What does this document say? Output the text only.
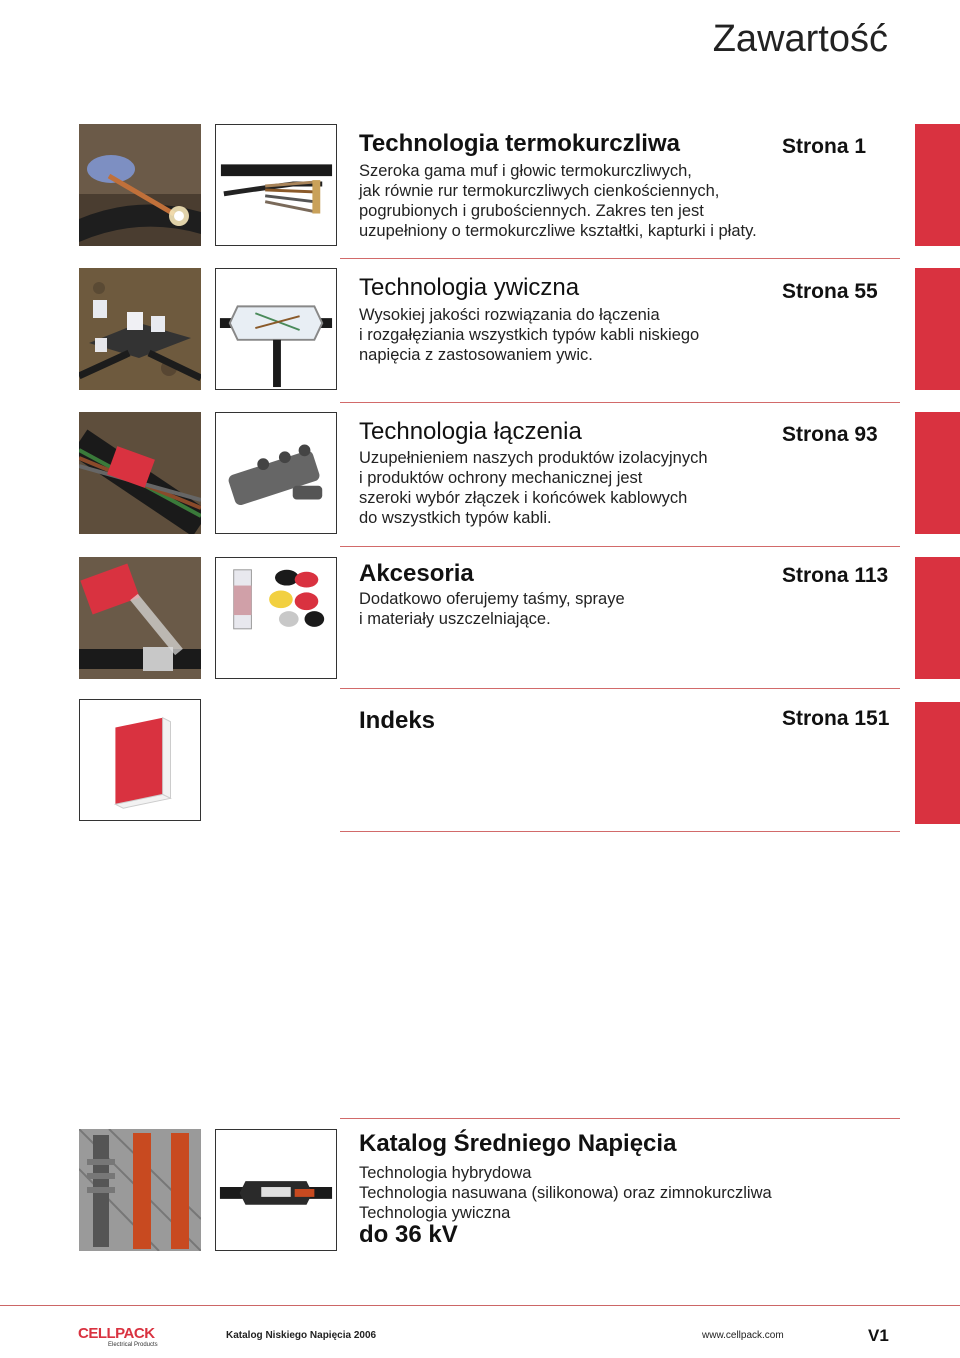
Zawartość
Technologia termokurczliwa
Szeroka gama muf i głowic termokurczliwych,
jak równie rur termokurczliwych cienkościennych,
pogrubionych i grubościennych. Zakres ten jest
uzupełniony o termokurczliwe kształtki, kapturki i płaty.
Strona 1
Technologia ywiczna
Wysokiej jakości rozwiązania do łączenia
i rozgałęziania wszystkich typów kabli niskiego
napięcia z zastosowaniem ywic.
Strona 55
Technologia łączenia
Uzupełnieniem naszych produktów izolacyjnych
i produktów ochrony mechanicznej jest
szeroki wybór złączek i końcówek kablowych
do wszystkich typów kabli.
Strona 93
Akcesoria
Dodatkowo oferujemy taśmy, spraye
i materiały uszczelniające.
Strona 113
Indeks	Strona 151
Katalog Średniego Napięcia
Technologia hybrydowa
Technologia nasuwana (silikonowa) oraz zimnokurczliwa
Technologia ywiczna
do 36 kV
CELLPACK
Electrical Products
Katalog Niskiego Napięcia 2006	www.cellpack.com	V1
